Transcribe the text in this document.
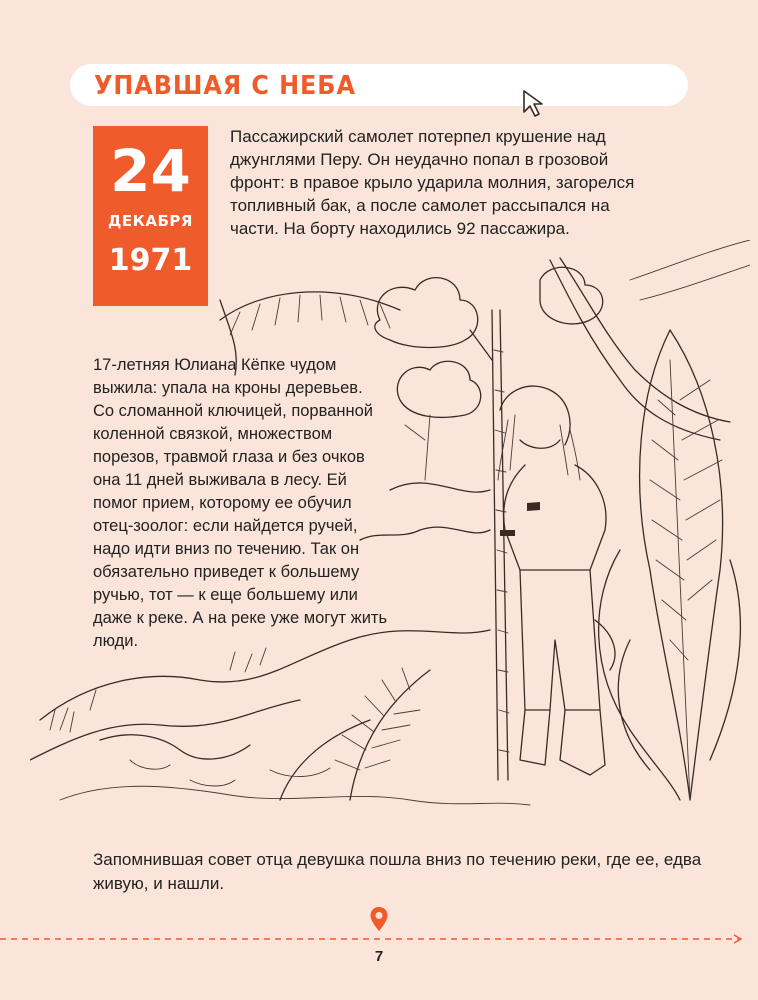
УПАВШАЯ С НЕБА
24
ДЕКАБРЯ
1971

Пассажирский самолет потерпел крушение над джунглями Перу. Он неудачно попал в грозовой фронт: в правое крыло ударила молния, загорелся топливный бак, а после самолет рассыпался на части. На борту находились 92 пассажира.

17-летняя Юлиана Кёпке чудом выжила: упала на кроны деревьев. Со сломанной ключицей, порванной коленной связкой, множеством порезов, травмой глаза и без очков она 11 дней выживала в лесу. Ей помог прием, которому ее обучил отец-зоолог: если найдется ручей, надо идти вниз по течению. Так он обязательно приведет к большему ручью, тот — к еще большему или даже к реке. А на реке уже могут жить люди.

Запомнившая совет отца девушка пошла вниз по течению реки, где ее, едва живую, и нашли.

7
